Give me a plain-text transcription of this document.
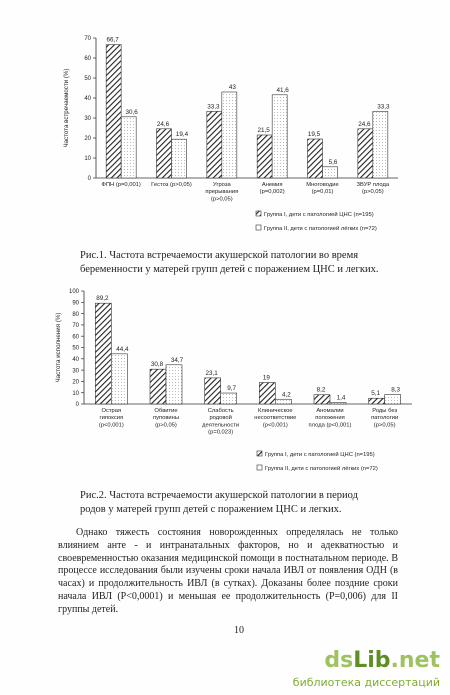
0
10
20
30
40
50
60
70
Частота встречаемости (%)
66,7
30,6
ФПН (р=0,001)
24,6
19,4
Гестоз (р>0,05)
33,3
43
Угроза
прерывания
(р>0,05)
21,5
41,6
Анемия
(р=0,002)
19,5
5,6
Многоводие
(р=0,01)
24,6
33,3
ЗВУР плода
(р>0,05)
Группа I, дети с патологией ЦНС (n=195)
Группа II, дети с патологией лёгких (n=72)
0
10
20
30
40
50
60
70
80
90
100
Частота исполнения (%)
89,2
44,4
Острая
гипоксия
(р<0,001)
30,8
34,7
Обвитие
пуповины
(р>0,05)
23,1
9,7
Слабость
родовой
деятельности
(р=0,023)
19
4,2
Клиническое
несоответствие
(р<0,001)
8,2
1,4
Аномалии
положения
плода (р<0,001)
5,1
8,3
Роды без
патологии
(р>0,05)
Группа I, дети с патологией ЦНС (n=195)
Группа II, дети с патологией лёгких (n=72)
Рис.1. Частота встречаемости акушерской патологии во время
беременности у матерей групп детей с поражением ЦНС и легких.
Рис.2. Частота встречаемости акушерской патологии в период
родов у матерей групп детей с поражением ЦНС и легких.
Однако тяжесть состояния новорожденных определялась не только влиянием анте - и интранатальных факторов, но и адекватностью и своевременностью оказания медицинской помощи в постнатальном периоде. В процессе исследования были изучены сроки начала ИВЛ от появления ОДН (в часах) и продолжительность ИВЛ (в сутках). Доказаны более поздние сроки начала ИВЛ (P<0,0001) и меньшая ее продолжительность (P=0,006) для II группы детей.
10
dsLib.net
библиотека диссертаций
